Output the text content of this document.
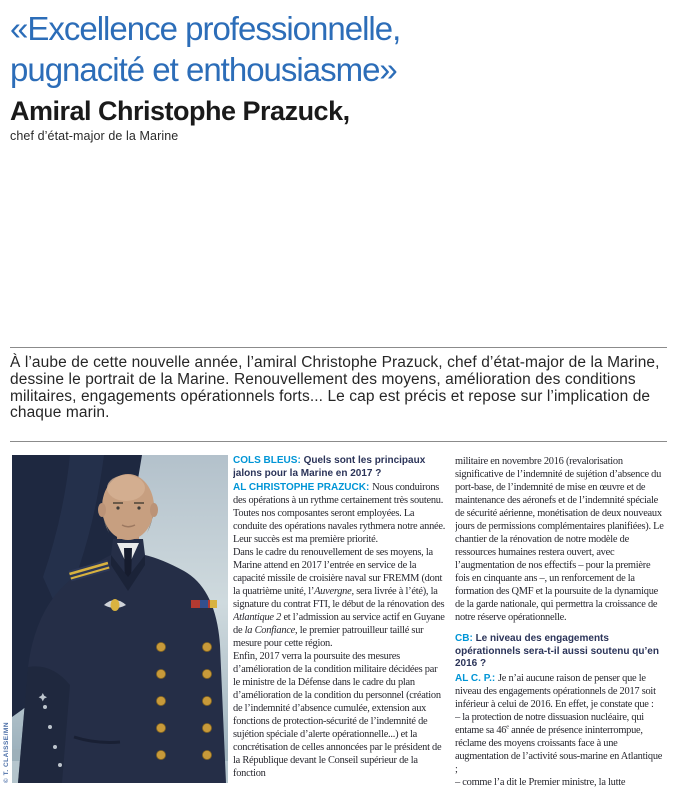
«Excellence professionnelle,
pugnacité et enthousiasme»
Amiral Christophe Prazuck,
chef d’état-major de la Marine

À l’aube de cette nouvelle année, l’amiral Christophe Prazuck, chef d’état-major de la Marine, dessine le portrait de la Marine. Renouvellement des moyens, amélioration des conditions militaires, engagements opérationnels forts... Le cap est précis et repose sur l’implication de chaque marin.

© T. CLAISSE/MN

COLS BLEUS: Quels sont les principaux jalons pour la Marine en 2017 ?

AL CHRISTOPHE PRAZUCK: Nous conduirons des opérations à un rythme certainement très soutenu. Toutes nos composantes seront employées. La conduite des opérations navales rythmera notre année. Leur succès est ma première priorité.

Dans le cadre du renouvellement de ses moyens, la Marine attend en 2017 l’entrée en service de la capacité missile de croisière naval sur FREMM (dont la quatrième unité, l’Auvergne, sera livrée à l’été), la signature du contrat FTI, le début de la rénovation des Atlantique 2 et l’admission au service actif en Guyane de la Confiance, le premier patrouilleur taillé sur mesure pour cette région.

Enfin, 2017 verra la poursuite des mesures d’amélioration de la condition militaire décidées par le ministre de la Défense dans le cadre du plan d’amélioration de la condition du personnel (création de l’indemnité d’absence cumulée, extension aux fonctions de protection-sécurité de l’indemnité de sujétion spéciale d’alerte opérationnelle...) et la concrétisation de celles annoncées par le président de la République devant le Conseil supérieur de la fonction

militaire en novembre 2016 (revalorisation significative de l’indemnité de sujétion d’absence du port-base, de l’indemnité de mise en œuvre et de maintenance des aéronefs et de l’indemnité spéciale de sécurité aérienne, monétisation de deux nouveaux jours de permissions complémentaires planifiées). Le chantier de la rénovation de notre modèle de ressources humaines restera ouvert, avec l’augmentation de nos effectifs – pour la première fois en cinquante ans –, un renforcement de la formation des QMF et la poursuite de la dynamique de la garde nationale, qui permettra la croissance de notre réserve opérationnelle.

CB: Le niveau des engagements opérationnels sera-t-il aussi soutenu qu’en 2016 ?

AL C. P.: Je n’ai aucune raison de penser que le niveau des engagements opérationnels de 2017 soit inférieur à celui de 2016. En effet, je constate que :

– la protection de notre dissuasion nucléaire, qui entame sa 46e année de présence ininterrompue, réclame des moyens croissants face à une augmentation de l’activité sous-marine en Atlantique ;

– comme l’a dit le Premier ministre, la lutte
